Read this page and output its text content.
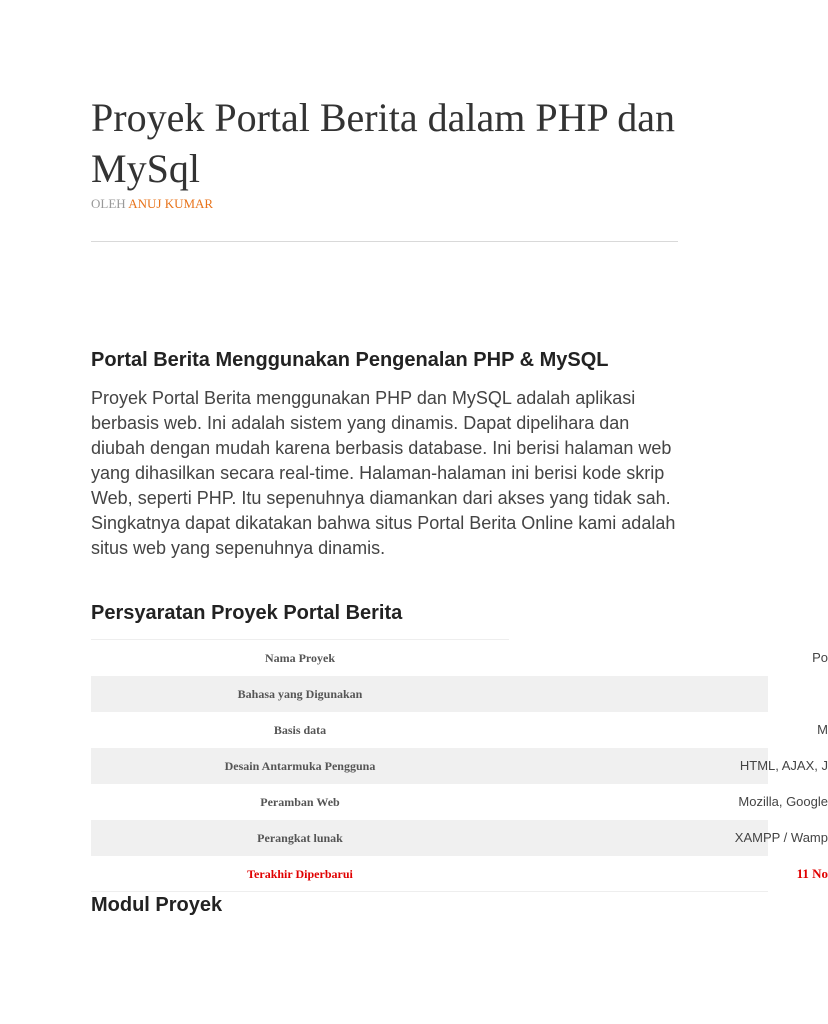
Proyek Portal Berita dalam PHP dan MySql
OLEH ANUJ KUMAR
Portal Berita Menggunakan Pengenalan PHP & MySQL

Proyek Portal Berita menggunakan PHP dan MySQL adalah aplikasi berbasis web. Ini adalah sistem yang dinamis. Dapat dipelihara dan diubah dengan mudah karena berbasis database. Ini berisi halaman web yang dihasilkan secara real-time. Halaman-halaman ini berisi kode skrip Web, seperti PHP. Itu sepenuhnya diamankan dari akses yang tidak sah. Singkatnya dapat dikatakan bahwa situs Portal Berita Online kami adalah situs web yang sepenuhnya dinamis.

Persyaratan Proyek Portal Berita
Nama Proyek	Po
Bahasa yang Digunakan
Basis data	M
Desain Antarmuka Pengguna	HTML, AJAX, J
Peramban Web	Mozilla, Google
Perangkat lunak	XAMPP / Wamp
Terakhir Diperbarui	11 No
Modul Proyek
